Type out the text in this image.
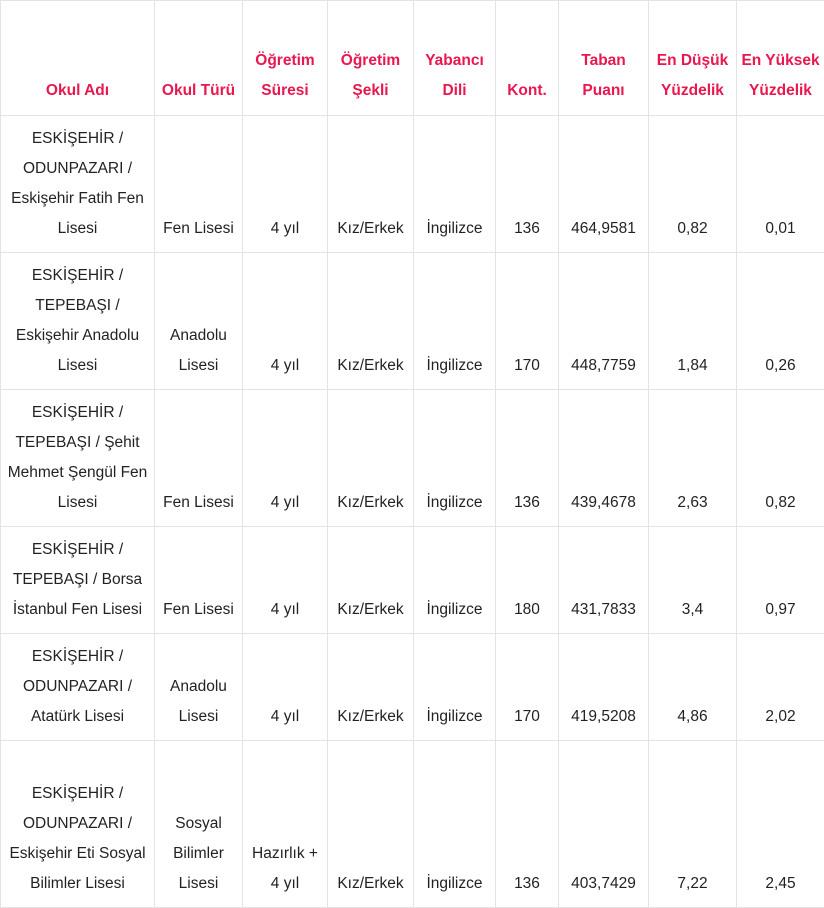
Okul Adı	Okul Türü	Öğretim Süresi	Öğretim Şekli	Yabancı Dili	Kont.	Taban Puanı	En Düşük Yüzdelik	En Yüksek Yüzdelik
ESKİŞEHİR / ODUNPAZARI / Eskişehir Fatih Fen Lisesi	Fen Lisesi	4 yıl	Kız/Erkek	İngilizce	136	464,9581	0,82	0,01
ESKİŞEHİR / TEPEBAŞI / Eskişehir Anadolu Lisesi	Anadolu Lisesi	4 yıl	Kız/Erkek	İngilizce	170	448,7759	1,84	0,26
ESKİŞEHİR / TEPEBAŞI / Şehit Mehmet Şengül Fen Lisesi	Fen Lisesi	4 yıl	Kız/Erkek	İngilizce	136	439,4678	2,63	0,82
ESKİŞEHİR / TEPEBAŞI / Borsa İstanbul Fen Lisesi	Fen Lisesi	4 yıl	Kız/Erkek	İngilizce	180	431,7833	3,4	0,97
ESKİŞEHİR / ODUNPAZARI / Atatürk Lisesi	Anadolu Lisesi	4 yıl	Kız/Erkek	İngilizce	170	419,5208	4,86	2,02
ESKİŞEHİR / ODUNPAZARI / Eskişehir Eti Sosyal Bilimler Lisesi	Sosyal Bilimler Lisesi	Hazırlık + 4 yıl	Kız/Erkek	İngilizce	136	403,7429	7,22	2,45
